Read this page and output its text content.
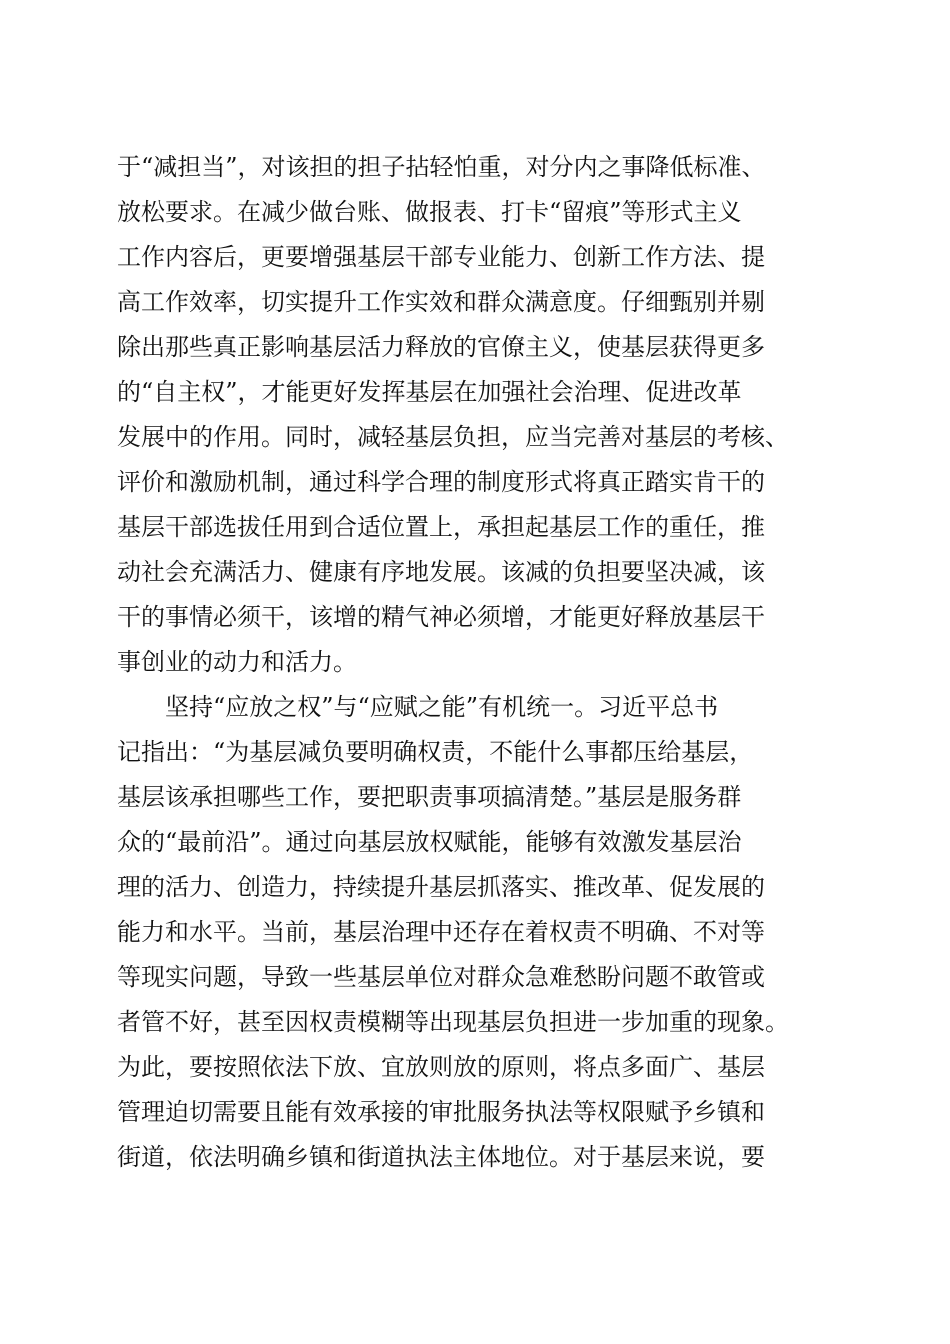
于“减担当”，对该担的担子拈轻怕重，对分内之事降低标准、
放松要求。在减少做台账、做报表、打卡“留痕”等形式主义
工作内容后，更要增强基层干部专业能力、创新工作方法、提
高工作效率，切实提升工作实效和群众满意度。仔细甄别并剔
除出那些真正影响基层活力释放的官僚主义，使基层获得更多
的“自主权”，才能更好发挥基层在加强社会治理、促进改革
发展中的作用。同时，减轻基层负担，应当完善对基层的考核、
评价和激励机制，通过科学合理的制度形式将真正踏实肯干的
基层干部选拔任用到合适位置上，承担起基层工作的重任，推
动社会充满活力、健康有序地发展。该减的负担要坚决减，该
干的事情必须干，该增的精气神必须增，才能更好释放基层干
事创业的动力和活力。
坚持“应放之权”与“应赋之能”有机统一。习近平总书
记指出：“为基层减负要明确权责，不能什么事都压给基层，
基层该承担哪些工作，要把职责事项搞清楚。”基层是服务群
众的“最前沿”。通过向基层放权赋能，能够有效激发基层治
理的活力、创造力，持续提升基层抓落实、推改革、促发展的
能力和水平。当前，基层治理中还存在着权责不明确、不对等
等现实问题，导致一些基层单位对群众急难愁盼问题不敢管或
者管不好，甚至因权责模糊等出现基层负担进一步加重的现象。
为此，要按照依法下放、宜放则放的原则，将点多面广、基层
管理迫切需要且能有效承接的审批服务执法等权限赋予乡镇和
街道，依法明确乡镇和街道执法主体地位。对于基层来说，要
